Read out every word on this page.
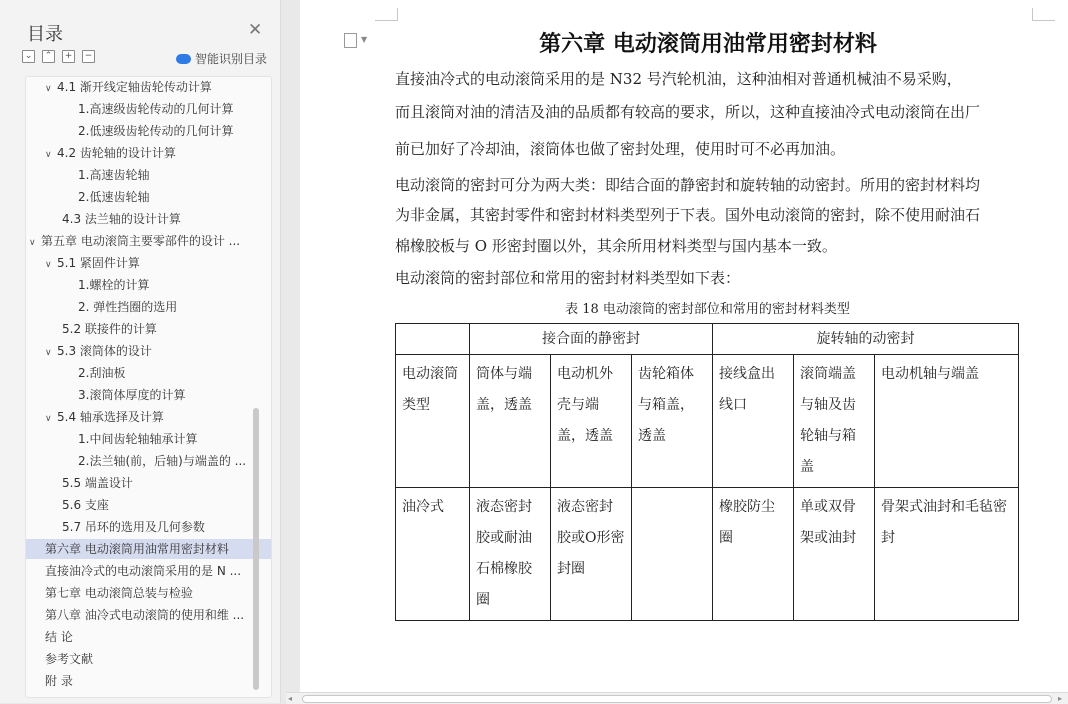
目录	✕
⌄	⌃	+	−	智能识别目录
∨ 4.1 渐开线定轴齿轮传动计算
1.高速级齿轮传动的几何计算
2.低速级齿轮传动的几何计算
∨ 4.2 齿轮轴的设计计算
1.高速齿轮轴
2.低速齿轮轴
4.3 法兰轴的设计计算
∨ 第五章 电动滚筒主要零部件的设计 ...
∨ 5.1 紧固件计算
1.螺栓的计算
2. 弹性挡圈的选用
5.2 联接件的计算
∨ 5.3 滚筒体的设计
2.刮油板
3.滚筒体厚度的计算
∨ 5.4 轴承选择及计算
1.中间齿轮轴轴承计算
2.法兰轴(前，后轴)与端盖的 ...
5.5 端盖设计
5.6 支座
5.7 吊环的选用及几何参数
第六章 电动滚筒用油常用密封材料
直接油冷式的电动滚筒采用的是 N ...
第七章 电动滚筒总装与检验
第八章 油冷式电动滚筒的使用和维 ...
结 论
参考文献
附 录
▼	第六章 电动滚筒用油常用密封材料
直接油冷式的电动滚筒采用的是 N32 号汽轮机油，这种油相对普通机械油不易采购，
而且滚筒对油的清洁及油的品质都有较高的要求，所以，这种直接油冷式电动滚筒在出厂
前已加好了冷却油，滚筒体也做了密封处理，使用时可不必再加油。
电动滚筒的密封可分为两大类：即结合面的静密封和旋转轴的动密封。所用的密封材料均
为非金属，其密封零件和密封材料类型列于下表。国外电动滚筒的密封，除不使用耐油石
棉橡胶板与 O 形密封圈以外，其余所用材料类型与国内基本一致。
电动滚筒的密封部位和常用的密封材料类型如下表：
表 18 电动滚筒的密封部位和常用的密封材料类型
	接合面的静密封			旋转轴的动密封		
电动滚筒类型	筒体与端盖，透盖	电动机外壳与端盖，透盖	齿轮箱体与箱盖，透盖	接线盒出线口	滚筒端盖与轴及齿轮轴与箱盖	电动机轴与端盖
油冷式	液态密封胶或耐油石棉橡胶圈	液态密封胶或O形密封圈		橡胶防尘圈	单或双骨架或油封	骨架式油封和毛毡密封
◂	▸
